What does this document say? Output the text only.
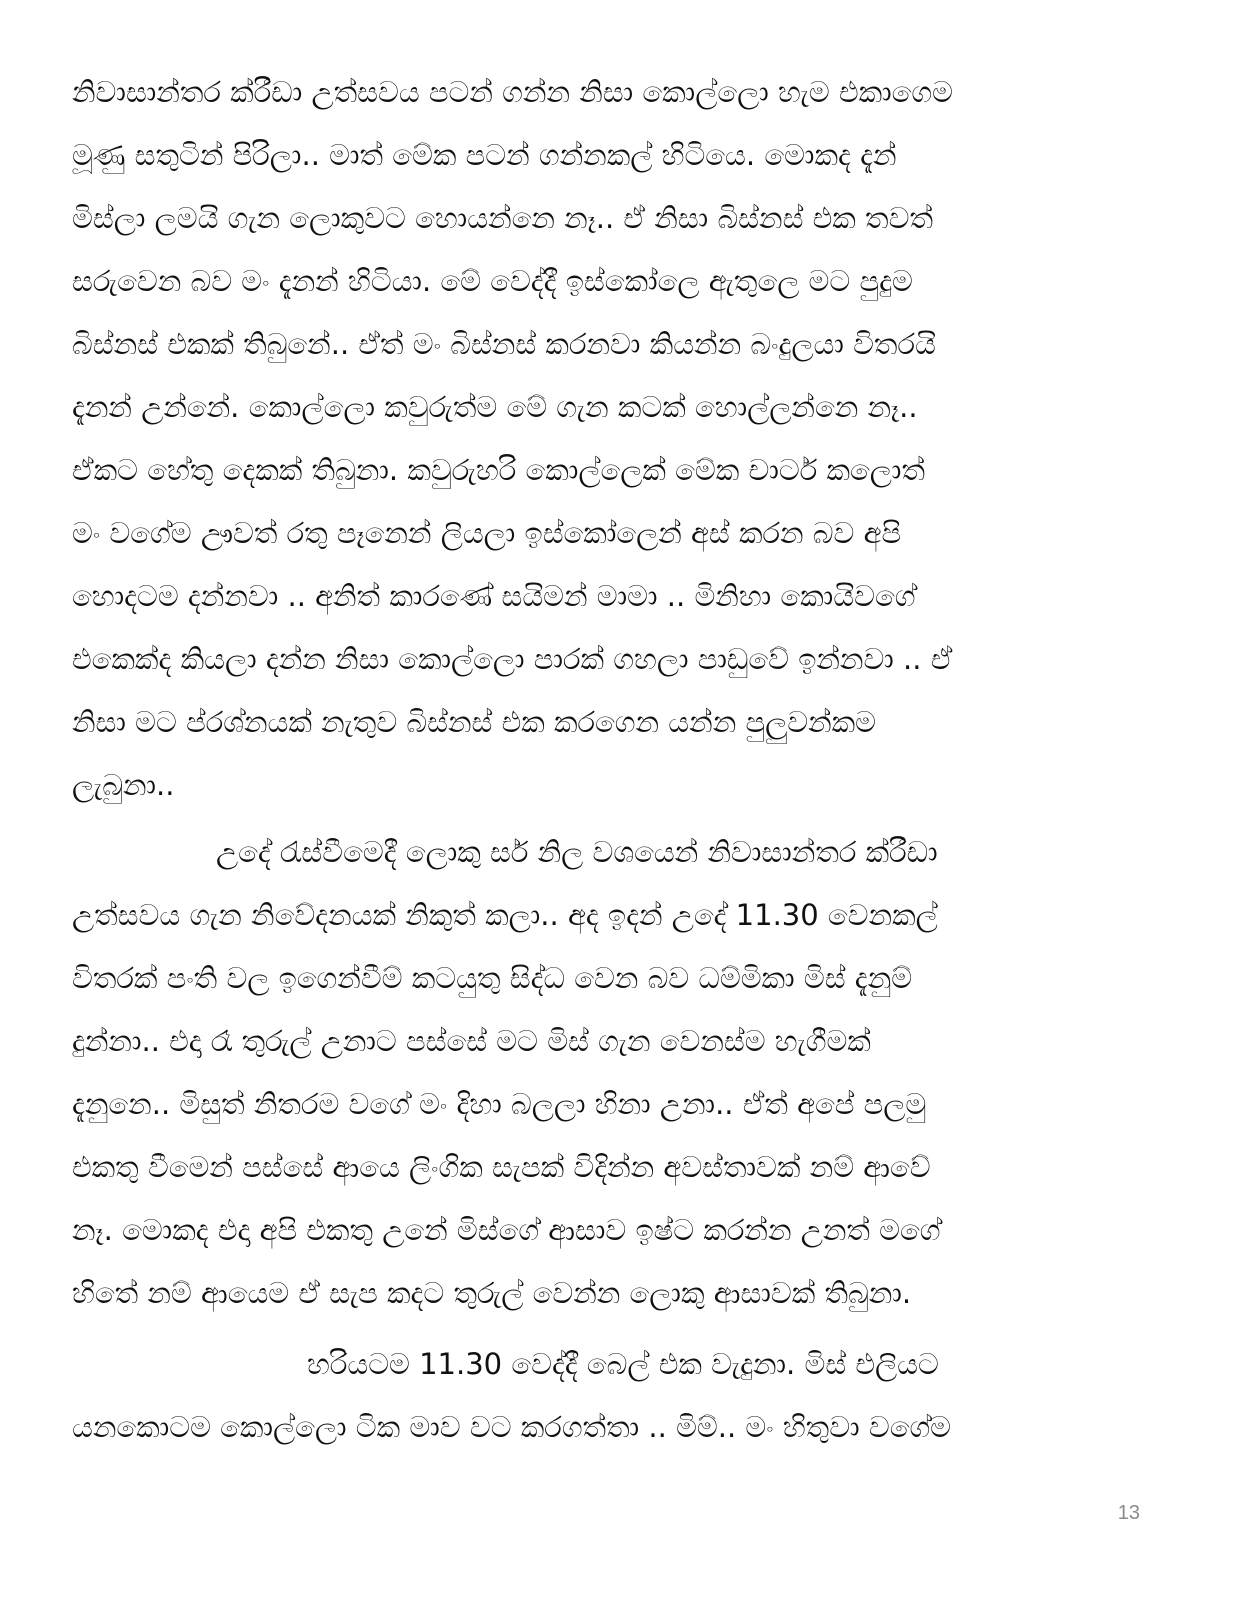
නිවාසාන්තර ක්රීඩා උත්සවය පටන් ගන්න නිසා කොල්ලො හැම එකාගෙම
මූණු සතුටින් පිරිලා.. මාත් මේක පටන් ගන්නකල් හිටියෙ. මොකද දැන්
මිස්ලා ලමයි ගැන ලොකුවට හොයන්නෙ නෑ.. ඒ නිසා බිස්නස් එක තවත්
සරුවෙන බව මං දැනන් හිටියා. මේ වෙද්දී ඉස්කෝලෙ ඇතුලෙ මට පුදුම
බිස්නස් එකක් තිබුනේ.. ඒත් මං බිස්නස් කරනවා කියන්න බංදුලයා විතරයි
දැනන් උන්නේ. කොල්ලො කවුරුත්ම මේ ගැන කටක් හොල්ලන්නෙ නෑ..
ඒකට හේතු දෙකක් තිබුනා. කවුරුහරි කොල්ලෙක් මේක චාටර් කලොත්
මං වගේම ඌවත් රතු පෑනෙන් ලියලා ඉස්කෝලෙන් අස් කරන බව අපි
හොදටම දන්නවා .. අනිත් කාරණේ සයිමන් මාමා .. මිනිහා කොයිවගේ
එකෙක්ද කියලා දන්න නිසා කොල්ලො පාරක් ගහලා පාඩුවේ ඉන්නවා .. ඒ
නිසා මට ප්රශ්නයක් නැතුව බිස්නස් එක කරගෙන යන්න පුලුවන්කම
ලැබුනා..
උදේ රැස්වීමෙදී ලොකු සර් නිල වශයෙන් නිවාසාන්තර ක්රීඩා
උත්සවය ගැන නිවේදනයක් නිකුත් කලා.. අද ඉදන් උදේ 11.30 වෙනකල්
විතරක් පංති වල ඉගෙන්වීම් කටයුතු සිද්ධ වෙන බව ධම්මිකා මිස් දැනුම්
දුන්නා.. එදා රෑ තුරුල් උනාට පස්සේ මට මිස් ගැන වෙනස්ම හැගීමක්
දැනුනෙ.. මිසුත් නිතරම වගේ මං දිහා බලලා හිනා උනා.. ඒත් අපේ පලමු
එකතු වීමෙන් පස්සේ ආයෙ ලිංගික සැපක් විදින්න අවස්තාවක් නම් ආවේ
නෑ. මොකද එදා අපි එකතු උනේ මිස්ගේ ආසාව ඉෂ්ට කරන්න උනත් මගේ
හිතේ නම් ආයෙම ඒ සැප කදට තුරුල් වෙන්න ලොකු ආසාවක් තිබුනා.
හරියටම 11.30 වෙද්දී බෙල් එක වැදුනා. මිස් එලියට
යනකොටම කොල්ලො ටික මාව වට කරගත්තා .. මිම්.. මං හිතුවා වගේම
13
